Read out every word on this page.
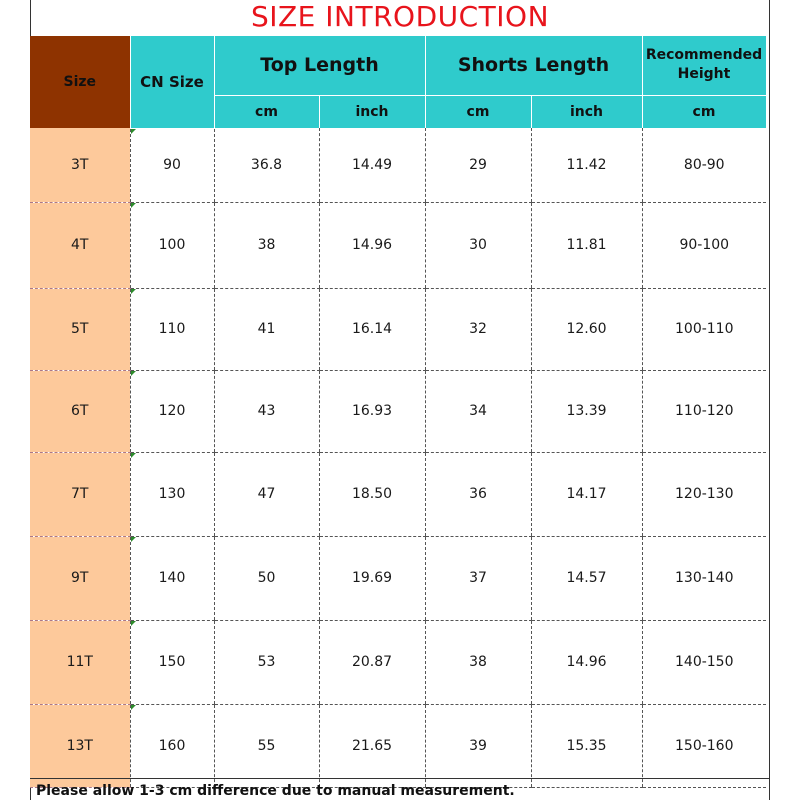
SIZE INTRODUCTION
Size	CN Size	Top Length		Shorts Length		Recommended Height
		cm	inch	cm	inch	cm
3T	90	36.8	14.49	29	11.42	80-90
4T	100	38	14.96	30	11.81	90-100
5T	110	41	16.14	32	12.60	100-110
6T	120	43	16.93	34	13.39	110-120
7T	130	47	18.50	36	14.17	120-130
9T	140	50	19.69	37	14.57	130-140
11T	150	53	20.87	38	14.96	140-150
13T	160	55	21.65	39	15.35	150-160
Please allow 1-3 cm difference due to manual measurement.
